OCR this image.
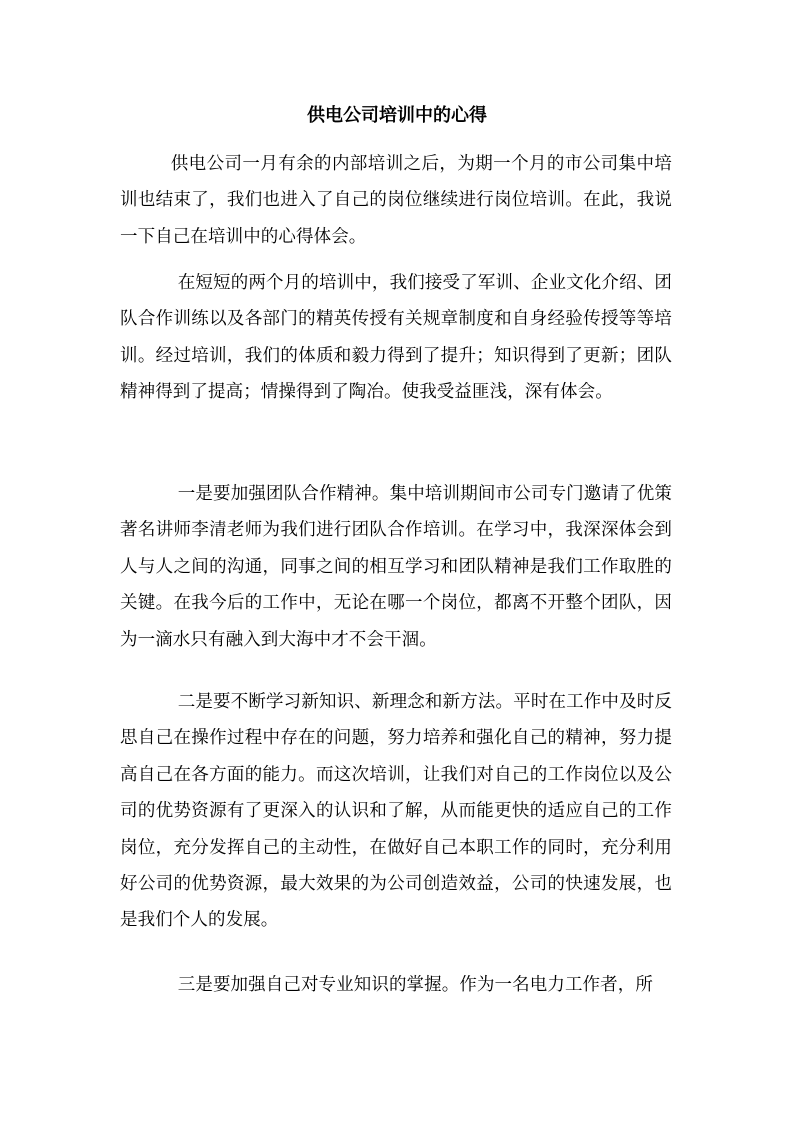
供电公司培训中的心得

供电公司一月有余的内部培训之后，为期一个月的市公司集中培训也结束了，我们也进入了自己的岗位继续进行岗位培训。在此，我说一下自己在培训中的心得体会。

在短短的两个月的培训中，我们接受了军训、企业文化介绍、团队合作训练以及各部门的精英传授有关规章制度和自身经验传授等等培训。经过培训，我们的体质和毅力得到了提升；知识得到了更新；团队精神得到了提高；情操得到了陶冶。使我受益匪浅，深有体会。

一是要加强团队合作精神。集中培训期间市公司专门邀请了优策著名讲师李清老师为我们进行团队合作培训。在学习中，我深深体会到人与人之间的沟通，同事之间的相互学习和团队精神是我们工作取胜的关键。在我今后的工作中，无论在哪一个岗位，都离不开整个团队，因为一滴水只有融入到大海中才不会干涸。

二是要不断学习新知识、新理念和新方法。平时在工作中及时反思自己在操作过程中存在的问题，努力培养和强化自己的精神，努力提高自己在各方面的能力。而这次培训，让我们对自己的工作岗位以及公司的优势资源有了更深入的认识和了解，从而能更快的适应自己的工作岗位，充分发挥自己的主动性，在做好自己本职工作的同时，充分利用好公司的优势资源，最大效果的为公司创造效益，公司的快速发展，也是我们个人的发展。

三是要加强自己对专业知识的掌握。作为一名电力工作者，所
